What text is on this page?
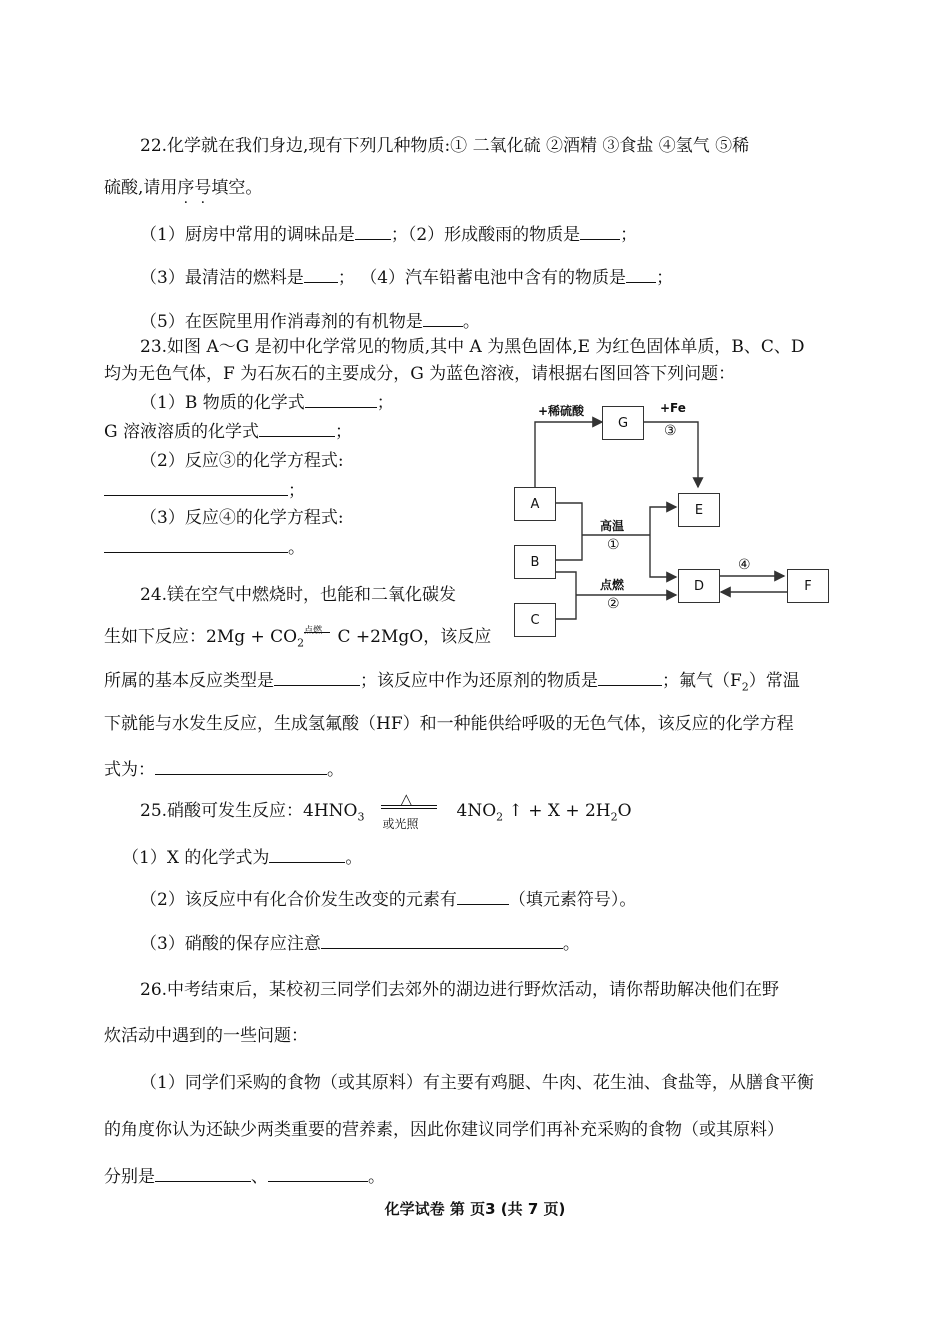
22.化学就在我们身边,现有下列几种物质:① 二氧化硫 ②酒精 ③食盐 ④氢气 ⑤稀
硫酸,请用序号填空。
（1）厨房中常用的调味品是 ；（2）形成酸雨的物质是 ；
（3）最清洁的燃料是 ； （4）汽车铅蓄电池中含有的物质是 ；
（5）在医院里用作消毒剂的有机物是 。
23.如图 A～G 是初中化学常见的物质,其中 A 为黑色固体,E 为红色固体单质，B、C、D
均为无色气体，F 为石灰石的主要成分，G 为蓝色溶液，请根据右图回答下列问题：
（1）B 物质的化学式	；
G 溶液溶质的化学式	；
（2）反应③的化学方程式:
；
（3）反应④的化学方程式:
。
A
B
C
G
E
D	F
+稀硫酸	+Fe
③
高温
①
点燃
②
④
24.镁在空气中燃烧时，也能和二氧化碳发
生如下反应：$2Mg + CO_2$
点燃 C +2MgO，该反应
所属的基本反应类型是	；该反应中作为还原剂的物质是	；氟气$(F_2)$常温
下就能与水发生反应，生成氢氟酸（HF）和一种能供给呼吸的无色气体，该反应的化学方程
式为：	。
25.硝酸可发生反应：$4HNO_3$
△
或光照
$4NO_2$ ↑ + $X + 2H_2O$
（1）X 的化学式为	。
（2）该反应中有化合价发生改变的元素有	（填元素符号）。
（3）硝酸的保存应注意	。
26.中考结束后，某校初三同学们去郊外的湖边进行野炊活动，请你帮助解决他们在野
炊活动中遇到的一些问题：
（1）同学们采购的食物（或其原料）有主要有鸡腿、牛肉、花生油、食盐等，从膳食平衡
的角度你认为还缺少两类重要的营养素，因此你建议同学们再补充采购的食物（或其原料）
分别是	、	。
化学试卷 第 页3 (共 7 页)
